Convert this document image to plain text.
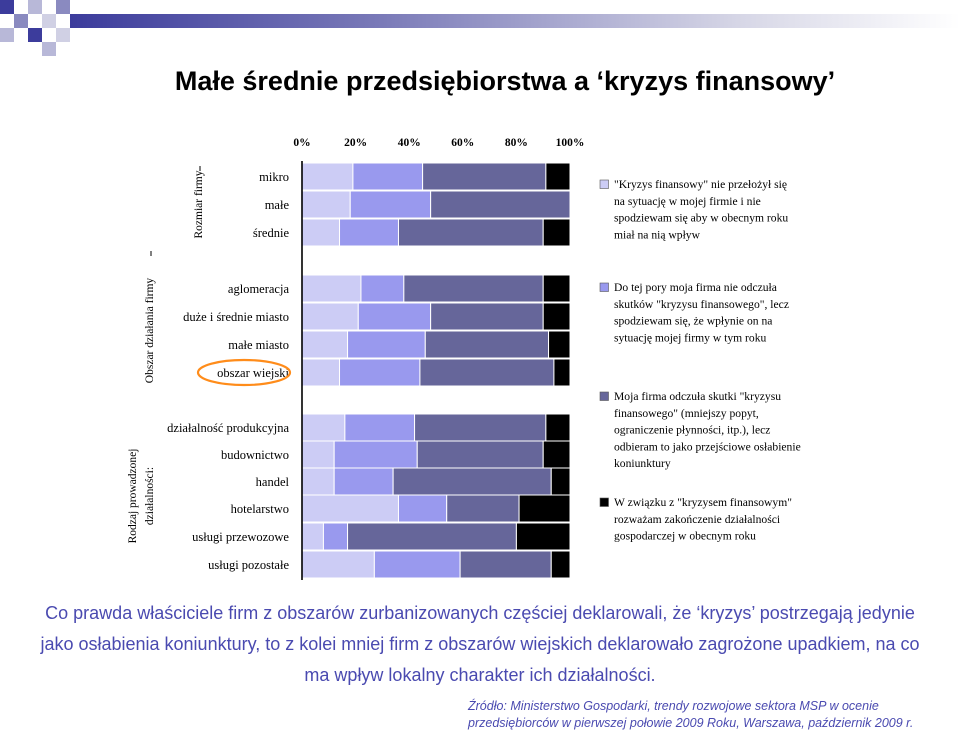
Małe średnie przedsiębiorstwa a ‘kryzys finansowy’
0%	20%	40%	60%	80% 100%
mikro
małe
średnie
aglomeracja
duże i średnie miasto
małe miasto
obszar wiejski
działalność produkcyjna
budownictwo
handel
hotelarstwo
usługi przewozowe
usługi pozostałe
Rozmiar firmy
Obszar działania firmy
Rodzaj prowadzonej działalności:
"Kryzys finansowy" nie przełożył się na sytuację w mojej firmie i nie spodziewam się aby w obecnym roku miał na nią wpływ
Do tej pory moja firma nie odczuła skutków "kryzysu finansowego", lecz spodziewam się, że wpłynie on na sytuację mojej firmy w tym roku
Moja firma odczuła skutki "kryzysu finansowego" (mniejszy popyt, ograniczenie płynności, itp.), lecz odbieram to jako przejściowe osłabienie koniunktury
W związku z "kryzysem finansowym" rozważam zakończenie działalności gospodarczej w obecnym roku

Co prawda właściciele firm z obszarów zurbanizowanych częściej deklarowali, że ‘kryzys’ postrzegają jedynie jako osłabienia koniunktury, to z kolei mniej firm z obszarów wiejskich deklarowało zagrożone upadkiem, na co ma wpływ lokalny charakter ich działalności.

Źródło: Ministerstwo Gospodarki, trendy rozwojowe sektora MSP w ocenie
przedsiębiorców w pierwszej połowie 2009 Roku, Warszawa, październik 2009 r.
